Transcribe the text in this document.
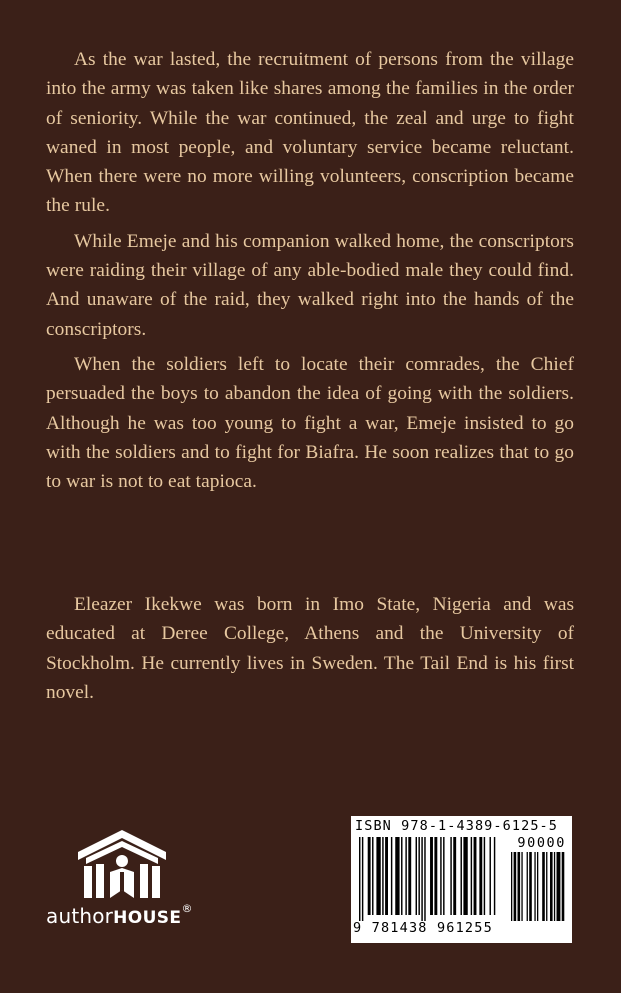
As the war lasted, the recruitment of persons from the village into the army was taken like shares among the families in the order of seniority. While the war continued, the zeal and urge to fight waned in most people, and voluntary service became reluctant. When there were no more willing volunteers, conscription became the rule.

While Emeje and his companion walked home, the conscriptors were raiding their village of any able-bodied male they could find. And unaware of the raid, they walked right into the hands of the conscriptors.

When the soldiers left to locate their comrades, the Chief persuaded the boys to abandon the idea of going with the soldiers. Although he was too young to fight a war, Emeje insisted to go with the soldiers and to fight for Biafra. He soon realizes that to go to war is not to eat tapioca.

Eleazer Ikekwe was born in Imo State, Nigeria and was educated at Deree College, Athens and the University of Stockholm. He currently lives in Sweden. The Tail End is his first novel.

authorHOUSE®
ISBN 978-1-4389-6125-5
90000
9 781438 961255
